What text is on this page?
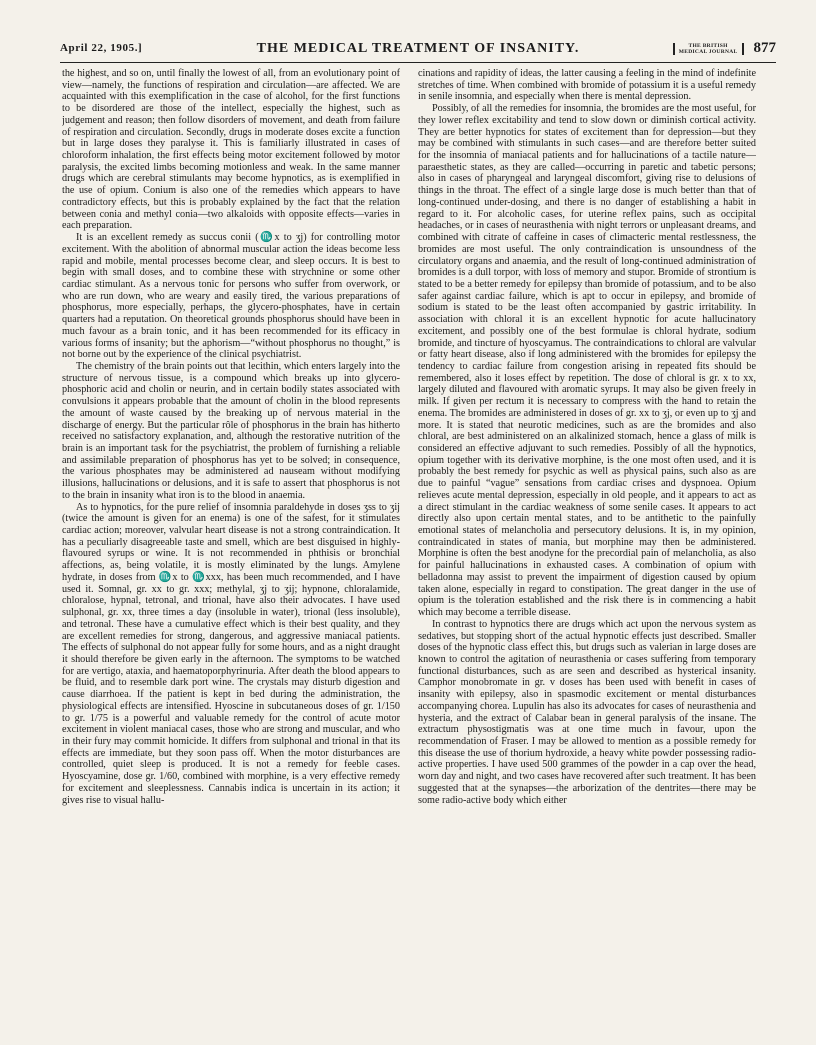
April 22, 1905.]	THE MEDICAL TREATMENT OF INSANITY.	THE BRITISH
MEDICAL JOURNAL 877

the highest, and so on, until finally the lowest of all, from an evolutionary point of view—namely, the functions of respiration and circulation—are affected. We are acquainted with this exemplification in the case of alcohol, for the first functions to be disordered are those of the intellect, especially the highest, such as judgement and reason; then follow disorders of movement, and death from failure of respiration and circulation. Secondly, drugs in moderate doses excite a function but in large doses they paralyse it. This is familiarly illustrated in cases of chloroform inhalation, the first effects being motor excitement followed by motor paralysis, the excited limbs becoming motionless and weak. In the same manner drugs which are cerebral stimulants may become hypnotics, as is exemplified in the use of opium. Conium is also one of the remedies which appears to have contradictory effects, but this is probably explained by the fact that the relation between conia and methyl conia—two alkaloids with opposite effects—varies in each preparation.

It is an excellent remedy as succus conii (♏x to ʒj) for controlling motor excitement. With the abolition of abnormal muscular action the ideas become less rapid and mobile, mental processes become clear, and sleep occurs. It is best to begin with small doses, and to combine these with strychnine or some other cardiac stimulant. As a nervous tonic for persons who suffer from overwork, or who are run down, who are weary and easily tired, the various preparations of phosphorus, more especially, perhaps, the glycero-phosphates, have in certain quarters had a reputation. On theoretical grounds phosphorus should have been in much favour as a brain tonic, and it has been recommended for its efficacy in various forms of insanity; but the aphorism—“without phosphorus no thought,” is not borne out by the experience of the clinical psychiatrist.

The chemistry of the brain points out that lecithin, which enters largely into the structure of nervous tissue, is a compound which breaks up into glycero-phosphoric acid and cholin or neurin, and in certain bodily states associated with convulsions it appears probable that the amount of cholin in the blood represents the amount of waste caused by the breaking up of nervous material in the discharge of energy. But the particular rôle of phosphorus in the brain has hitherto received no satisfactory explanation, and, although the restorative nutrition of the brain is an important task for the psychiatrist, the problem of furnishing a reliable and assimilable preparation of phosphorus has yet to be solved; in consequence, the various phosphates may be administered ad nauseam without modifying illusions, hallucinations or delusions, and it is safe to assert that phosphorus is not to the brain in insanity what iron is to the blood in anaemia.

As to hypnotics, for the pure relief of insomnia paraldehyde in doses ʒss to ʒij (twice the amount is given for an enema) is one of the safest, for it stimulates cardiac action; moreover, valvular heart disease is not a strong contraindication. It has a peculiarly disagreeable taste and smell, which are best disguised in highly-flavoured syrups or wine. It is not recommended in phthisis or bronchial affections, as, being volatile, it is mostly eliminated by the lungs. Amylene hydrate, in doses from ♏x to ♏xxx, has been much recommended, and I have used it. Somnal, gr. xx to gr. xxx; methylal, ʒj to ʒij; hypnone, chloralamide, chloralose, hypnal, tetronal, and trional, have also their advocates. I have used sulphonal, gr. xx, three times a day (insoluble in water), trional (less insoluble), and tetronal. These have a cumulative effect which is their best quality, and they are excellent remedies for strong, dangerous, and aggressive maniacal patients. The effects of sulphonal do not appear fully for some hours, and as a night draught it should therefore be given early in the afternoon. The symptoms to be watched for are vertigo, ataxia, and haematoporphyrinuria. After death the blood appears to be fluid, and to resemble dark port wine. The crystals may disturb digestion and cause diarrhoea. If the patient is kept in bed during the administration, the physiological effects are intensified. Hyoscine in subcutaneous doses of gr. 1/150 to gr. 1/75 is a powerful and valuable remedy for the control of acute motor excitement in violent maniacal cases, those who are strong and muscular, and who in their fury may commit homicide. It differs from sulphonal and trional in that its effects are immediate, but they soon pass off. When the motor disturbances are controlled, quiet sleep is produced. It is not a remedy for feeble cases. Hyoscyamine, dose gr. 1/60, combined with morphine, is a very effective remedy for excitement and sleeplessness. Cannabis indica is uncertain in its action; it gives rise to visual hallu-

cinations and rapidity of ideas, the latter causing a feeling in the mind of indefinite stretches of time. When combined with bromide of potassium it is a useful remedy in senile insomnia, and especially when there is mental depression.

Possibly, of all the remedies for insomnia, the bromides are the most useful, for they lower reflex excitability and tend to slow down or diminish cortical activity. They are better hypnotics for states of excitement than for depression—but they may be combined with stimulants in such cases—and are therefore better suited for the insomnia of maniacal patients and for hallucinations of a tactile nature—paraesthetic states, as they are called—occurring in paretic and tabetic persons; also in cases of pharyngeal and laryngeal discomfort, giving rise to delusions of things in the throat. The effect of a single large dose is much better than that of long-continued under-dosing, and there is no danger of establishing a habit in regard to it. For alcoholic cases, for uterine reflex pains, such as occipital headaches, or in cases of neurasthenia with night terrors or unpleasant dreams, and combined with citrate of caffeine in cases of climacteric mental restlessness, the bromides are most useful. The only contraindication is unsoundness of the circulatory organs and anaemia, and the result of long-continued administration of bromides is a dull torpor, with loss of memory and stupor. Bromide of strontium is stated to be a better remedy for epilepsy than bromide of potassium, and to be also safer against cardiac failure, which is apt to occur in epilepsy, and bromide of sodium is stated to be the least often accompanied by gastric irritability. In association with chloral it is an excellent hypnotic for acute hallucinatory excitement, and possibly one of the best formulae is chloral hydrate, sodium bromide, and tincture of hyoscyamus. The contraindications to chloral are valvular or fatty heart disease, also if long administered with the bromides for epilepsy the tendency to cardiac failure from congestion arising in repeated fits should be remembered, also it loses effect by repetition. The dose of chloral is gr. x to xx, largely diluted and flavoured with aromatic syrups. It may also be given freely in milk. If given per rectum it is necessary to compress with the hand to retain the enema. The bromides are administered in doses of gr. xx to ʒj, or even up to ʒj and more. It is stated that neurotic medicines, such as are the bromides and also chloral, are best administered on an alkalinized stomach, hence a glass of milk is considered an effective adjuvant to such remedies. Possibly of all the hypnotics, opium together with its derivative morphine, is the one most often used, and it is probably the best remedy for psychic as well as physical pains, such also as are due to painful “vague” sensations from cardiac crises and dyspnoea. Opium relieves acute mental depression, especially in old people, and it appears to act as a direct stimulant in the cardiac weakness of some senile cases. It appears to act directly also upon certain mental states, and to be antithetic to the painfully emotional states of melancholia and persecutory delusions. It is, in my opinion, contraindicated in states of mania, but morphine may then be administered. Morphine is often the best anodyne for the precordial pain of melancholia, as also for painful hallucinations in exhausted cases. A combination of opium with belladonna may assist to prevent the impairment of digestion caused by opium taken alone, especially in regard to constipation. The great danger in the use of opium is the toleration established and the risk there is in commencing a habit which may become a terrible disease.

In contrast to hypnotics there are drugs which act upon the nervous system as sedatives, but stopping short of the actual hypnotic effects just described. Smaller doses of the hypnotic class effect this, but drugs such as valerian in large doses are known to control the agitation of neurasthenia or cases suffering from temporary functional disturbances, such as are seen and described as hysterical insanity. Camphor monobromate in gr. v doses has been used with benefit in cases of insanity with epilepsy, also in spasmodic excitement or mental disturbances accompanying chorea. Lupulin has also its advocates for cases of neurasthenia and hysteria, and the extract of Calabar bean in general paralysis of the insane. The extractum physostigmatis was at one time much in favour, upon the recommendation of Fraser. I may be allowed to mention as a possible remedy for this disease the use of thorium hydroxide, a heavy white powder possessing radio-active properties. I have used 500 grammes of the powder in a cap over the head, worn day and night, and two cases have recovered after such treatment. It has been suggested that at the synapses—the arborization of the dentrites—there may be some radio-active body which either
